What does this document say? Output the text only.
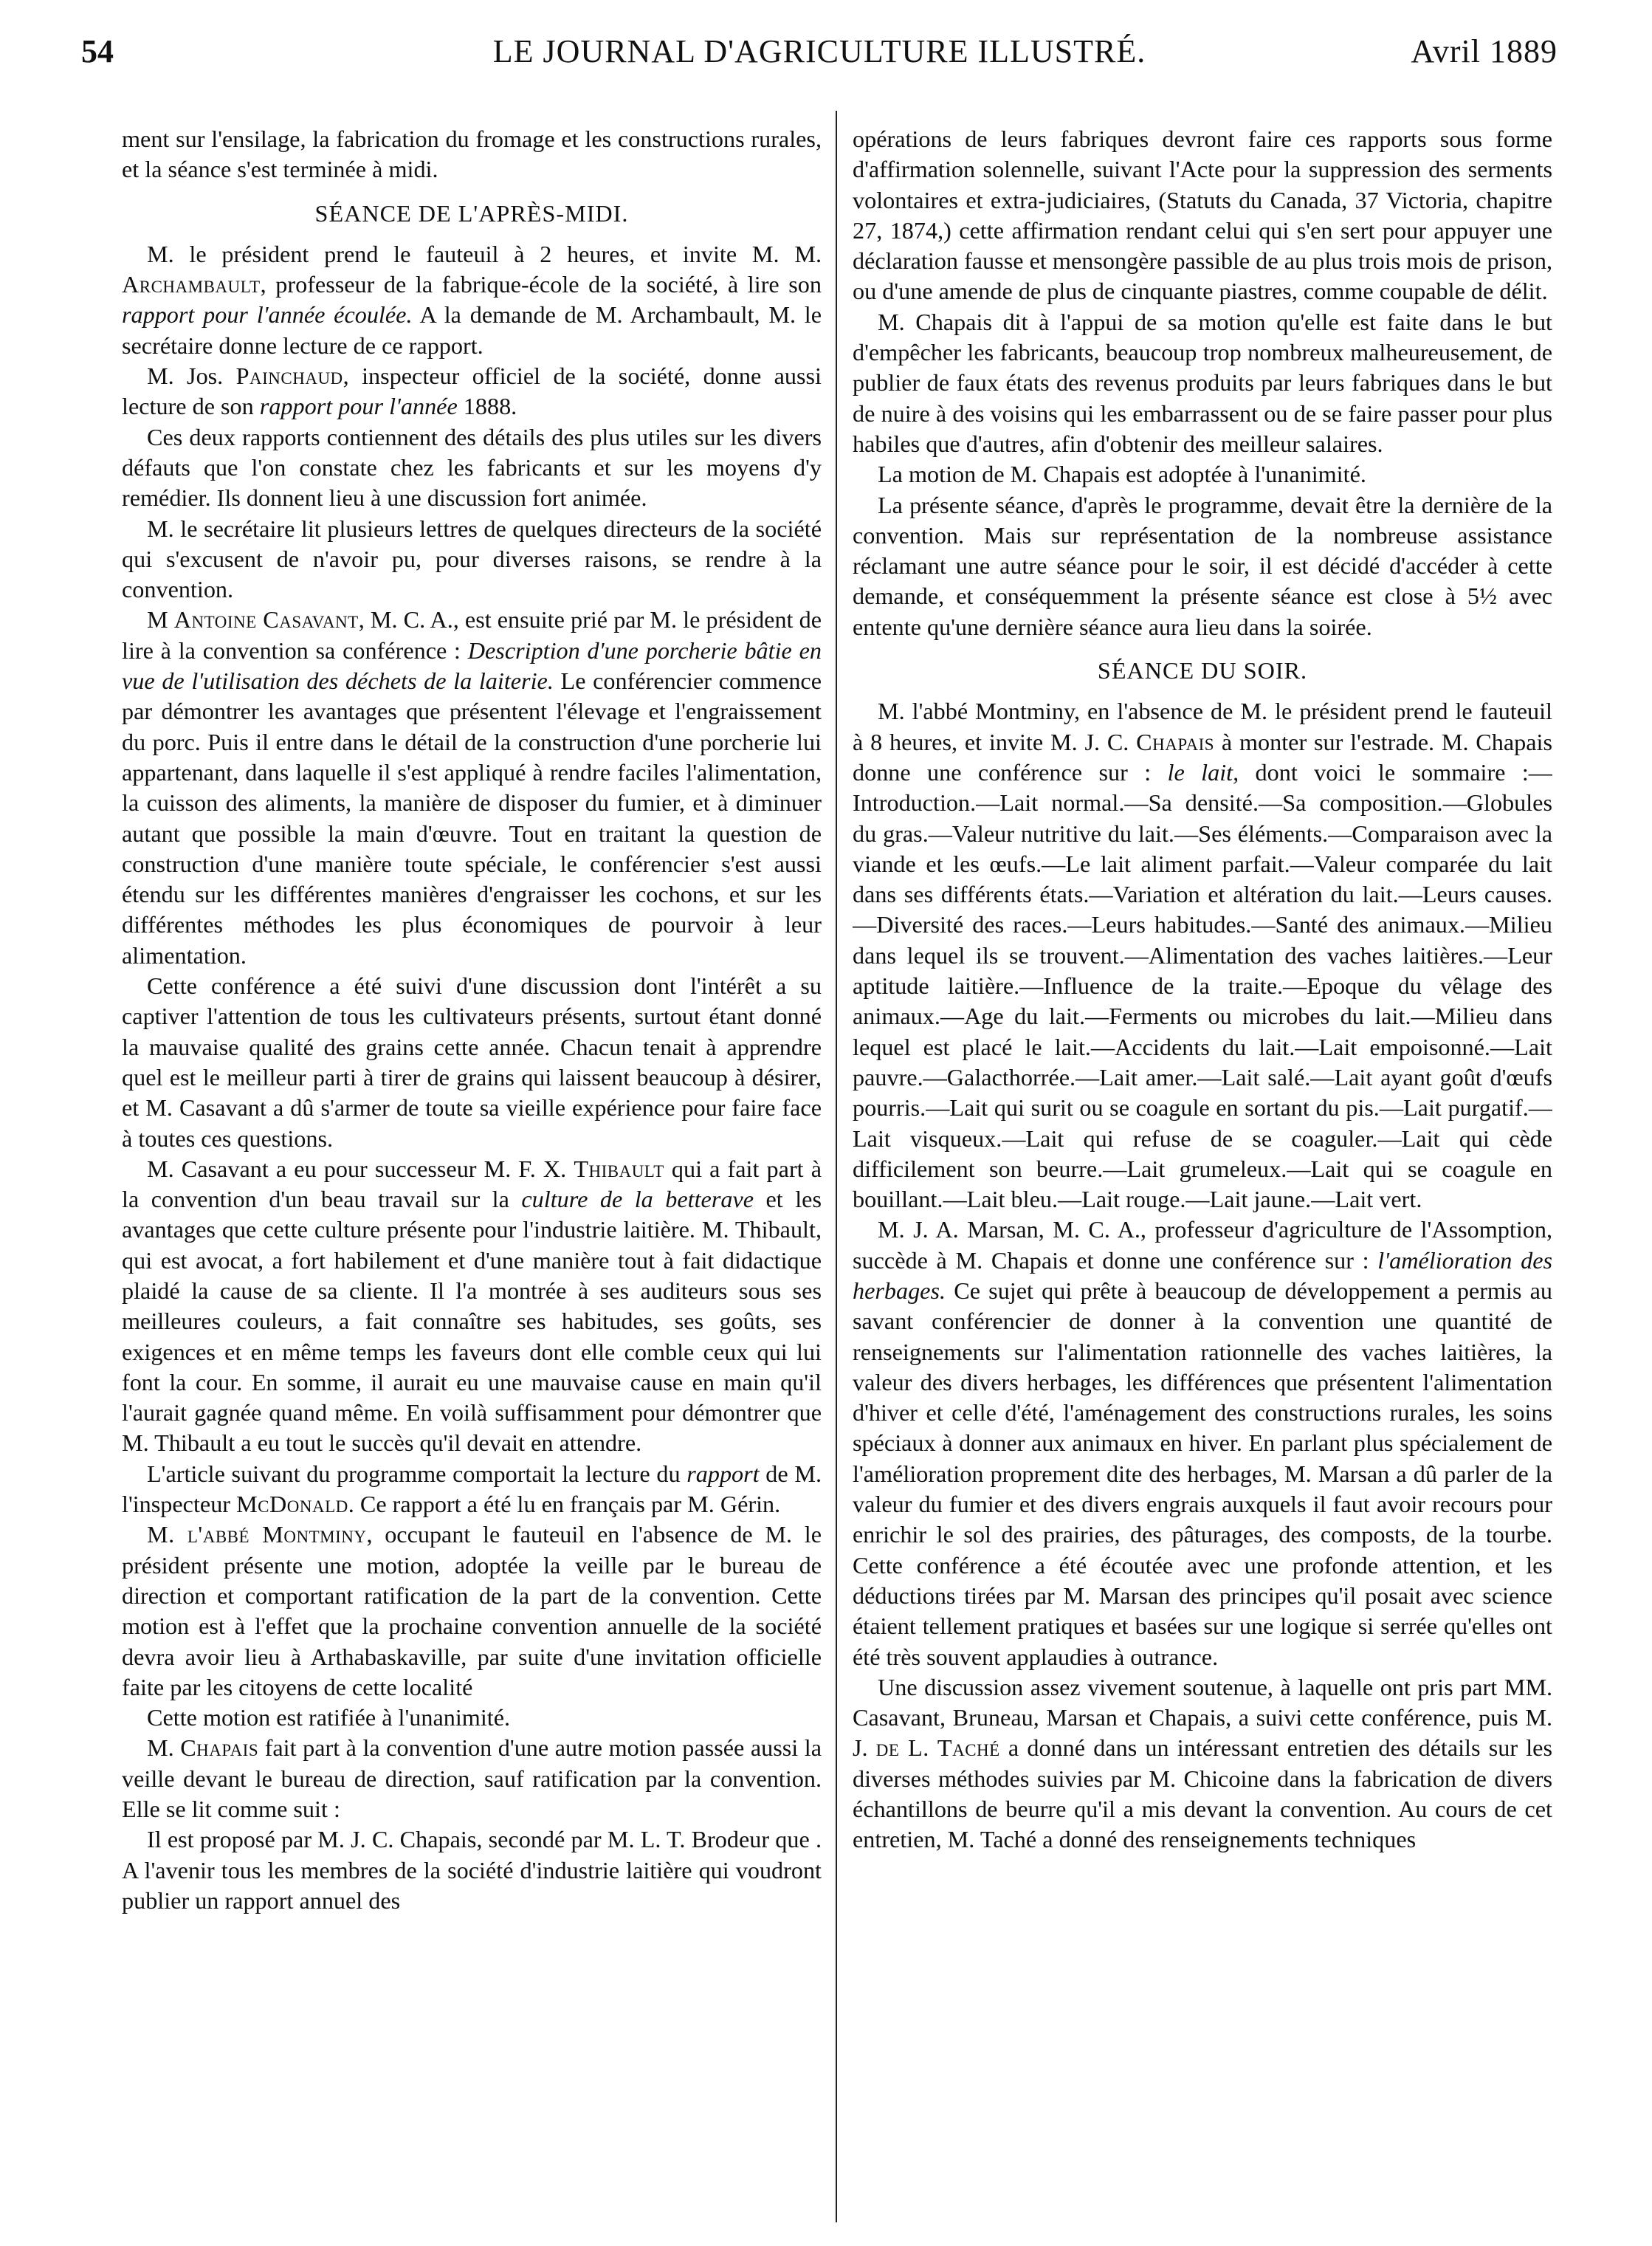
54	LE JOURNAL D'AGRICULTURE ILLUSTRÉ.	Avril 1889

ment sur l'ensilage, la fabrication du fromage et les constructions rurales, et la séance s'est terminée à midi.

SÉANCE DE L'APRÈS-MIDI.

M. le président prend le fauteuil à 2 heures, et invite M. M. Archambault, professeur de la fabrique-école de la société, à lire son rapport pour l'année écoulée. A la demande de M. Archambault, M. le secrétaire donne lecture de ce rapport.

M. Jos. Painchaud, inspecteur officiel de la société, donne aussi lecture de son rapport pour l'année 1888.

Ces deux rapports contiennent des détails des plus utiles sur les divers défauts que l'on constate chez les fabricants et sur les moyens d'y remédier. Ils donnent lieu à une discussion fort animée.

M. le secrétaire lit plusieurs lettres de quelques directeurs de la société qui s'excusent de n'avoir pu, pour diverses raisons, se rendre à la convention.

M Antoine Casavant, M. C. A., est ensuite prié par M. le président de lire à la convention sa conférence : Description d'une porcherie bâtie en vue de l'utilisation des déchets de la laiterie. Le conférencier commence par démontrer les avantages que présentent l'élevage et l'engraissement du porc. Puis il entre dans le détail de la construction d'une porcherie lui appartenant, dans laquelle il s'est appliqué à rendre faciles l'alimentation, la cuisson des aliments, la manière de disposer du fumier, et à diminuer autant que possible la main d'œuvre. Tout en traitant la question de construction d'une manière toute spéciale, le conférencier s'est aussi étendu sur les différentes manières d'engraisser les cochons, et sur les différentes méthodes les plus économiques de pourvoir à leur alimentation.

Cette conférence a été suivi d'une discussion dont l'intérêt a su captiver l'attention de tous les cultivateurs présents, surtout étant donné la mauvaise qualité des grains cette année. Chacun tenait à apprendre quel est le meilleur parti à tirer de grains qui laissent beaucoup à désirer, et M. Casavant a dû s'armer de toute sa vieille expérience pour faire face à toutes ces questions.

M. Casavant a eu pour successeur M. F. X. Thibault qui a fait part à la convention d'un beau travail sur la culture de la betterave et les avantages que cette culture présente pour l'industrie laitière. M. Thibault, qui est avocat, a fort habilement et d'une manière tout à fait didactique plaidé la cause de sa cliente. Il l'a montrée à ses auditeurs sous ses meilleures couleurs, a fait connaître ses habitudes, ses goûts, ses exigences et en même temps les faveurs dont elle comble ceux qui lui font la cour. En somme, il aurait eu une mauvaise cause en main qu'il l'aurait gagnée quand même. En voilà suffisamment pour démontrer que M. Thibault a eu tout le succès qu'il devait en attendre.

L'article suivant du programme comportait la lecture du rapport de M. l'inspecteur McDonald. Ce rapport a été lu en français par M. Gérin.

M. l'abbé Montminy, occupant le fauteuil en l'absence de M. le président présente une motion, adoptée la veille par le bureau de direction et comportant ratification de la part de la convention. Cette motion est à l'effet que la prochaine convention annuelle de la société devra avoir lieu à Arthabaskaville, par suite d'une invitation officielle faite par les citoyens de cette localité

Cette motion est ratifiée à l'unanimité.

M. Chapais fait part à la convention d'une autre motion passée aussi la veille devant le bureau de direction, sauf ratification par la convention. Elle se lit comme suit :

Il est proposé par M. J. C. Chapais, secondé par M. L. T. Brodeur que . A l'avenir tous les membres de la société d'industrie laitière qui voudront publier un rapport annuel des

opérations de leurs fabriques devront faire ces rapports sous forme d'affirmation solennelle, suivant l'Acte pour la suppression des serments volontaires et extra-judiciaires, (Statuts du Canada, 37 Victoria, chapitre 27, 1874,) cette affirmation rendant celui qui s'en sert pour appuyer une déclaration fausse et mensongère passible de au plus trois mois de prison, ou d'une amende de plus de cinquante piastres, comme coupable de délit.

M. Chapais dit à l'appui de sa motion qu'elle est faite dans le but d'empêcher les fabricants, beaucoup trop nombreux malheureusement, de publier de faux états des revenus produits par leurs fabriques dans le but de nuire à des voisins qui les embarrassent ou de se faire passer pour plus habiles que d'autres, afin d'obtenir des meilleur salaires.

La motion de M. Chapais est adoptée à l'unanimité.

La présente séance, d'après le programme, devait être la dernière de la convention. Mais sur représentation de la nombreuse assistance réclamant une autre séance pour le soir, il est décidé d'accéder à cette demande, et conséquemment la présente séance est close à 5½ avec entente qu'une dernière séance aura lieu dans la soirée.

SÉANCE DU SOIR.

M. l'abbé Montminy, en l'absence de M. le président prend le fauteuil à 8 heures, et invite M. J. C. Chapais à monter sur l'estrade. M. Chapais donne une conférence sur : le lait, dont voici le sommaire :—Introduction.—Lait normal.—Sa densité.—Sa composition.—Globules du gras.—Valeur nutritive du lait.—Ses éléments.—Comparaison avec la viande et les œufs.—Le lait aliment parfait.—Valeur comparée du lait dans ses différents états.—Variation et altération du lait.—Leurs causes.—Diversité des races.—Leurs habitudes.—Santé des animaux.—Milieu dans lequel ils se trouvent.—Alimentation des vaches laitières.—Leur aptitude laitière.—Influence de la traite.—Epoque du vêlage des animaux.—Age du lait.—Ferments ou microbes du lait.—Milieu dans lequel est placé le lait.—Accidents du lait.—Lait empoisonné.—Lait pauvre.—Galacthorrée.—Lait amer.—Lait salé.—Lait ayant goût d'œufs pourris.—Lait qui surit ou se coagule en sortant du pis.—Lait purgatif.—Lait visqueux.—Lait qui refuse de se coaguler.—Lait qui cède difficilement son beurre.—Lait grumeleux.—Lait qui se coagule en bouillant.—Lait bleu.—Lait rouge.—Lait jaune.—Lait vert.

M. J. A. Marsan, M. C. A., professeur d'agriculture de l'Assomption, succède à M. Chapais et donne une conférence sur : l'amélioration des herbages. Ce sujet qui prête à beaucoup de développement a permis au savant conférencier de donner à la convention une quantité de renseignements sur l'alimentation rationnelle des vaches laitières, la valeur des divers herbages, les différences que présentent l'alimentation d'hiver et celle d'été, l'aménagement des constructions rurales, les soins spéciaux à donner aux animaux en hiver. En parlant plus spécialement de l'amélioration proprement dite des herbages, M. Marsan a dû parler de la valeur du fumier et des divers engrais auxquels il faut avoir recours pour enrichir le sol des prairies, des pâturages, des composts, de la tourbe. Cette conférence a été écoutée avec une profonde attention, et les déductions tirées par M. Marsan des principes qu'il posait avec science étaient tellement pratiques et basées sur une logique si serrée qu'elles ont été très souvent applaudies à outrance.

Une discussion assez vivement soutenue, à laquelle ont pris part MM. Casavant, Bruneau, Marsan et Chapais, a suivi cette conférence, puis M. J. de L. Taché a donné dans un intéressant entretien des détails sur les diverses méthodes suivies par M. Chicoine dans la fabrication de divers échantillons de beurre qu'il a mis devant la convention. Au cours de cet entretien, M. Taché a donné des renseignements techniques
